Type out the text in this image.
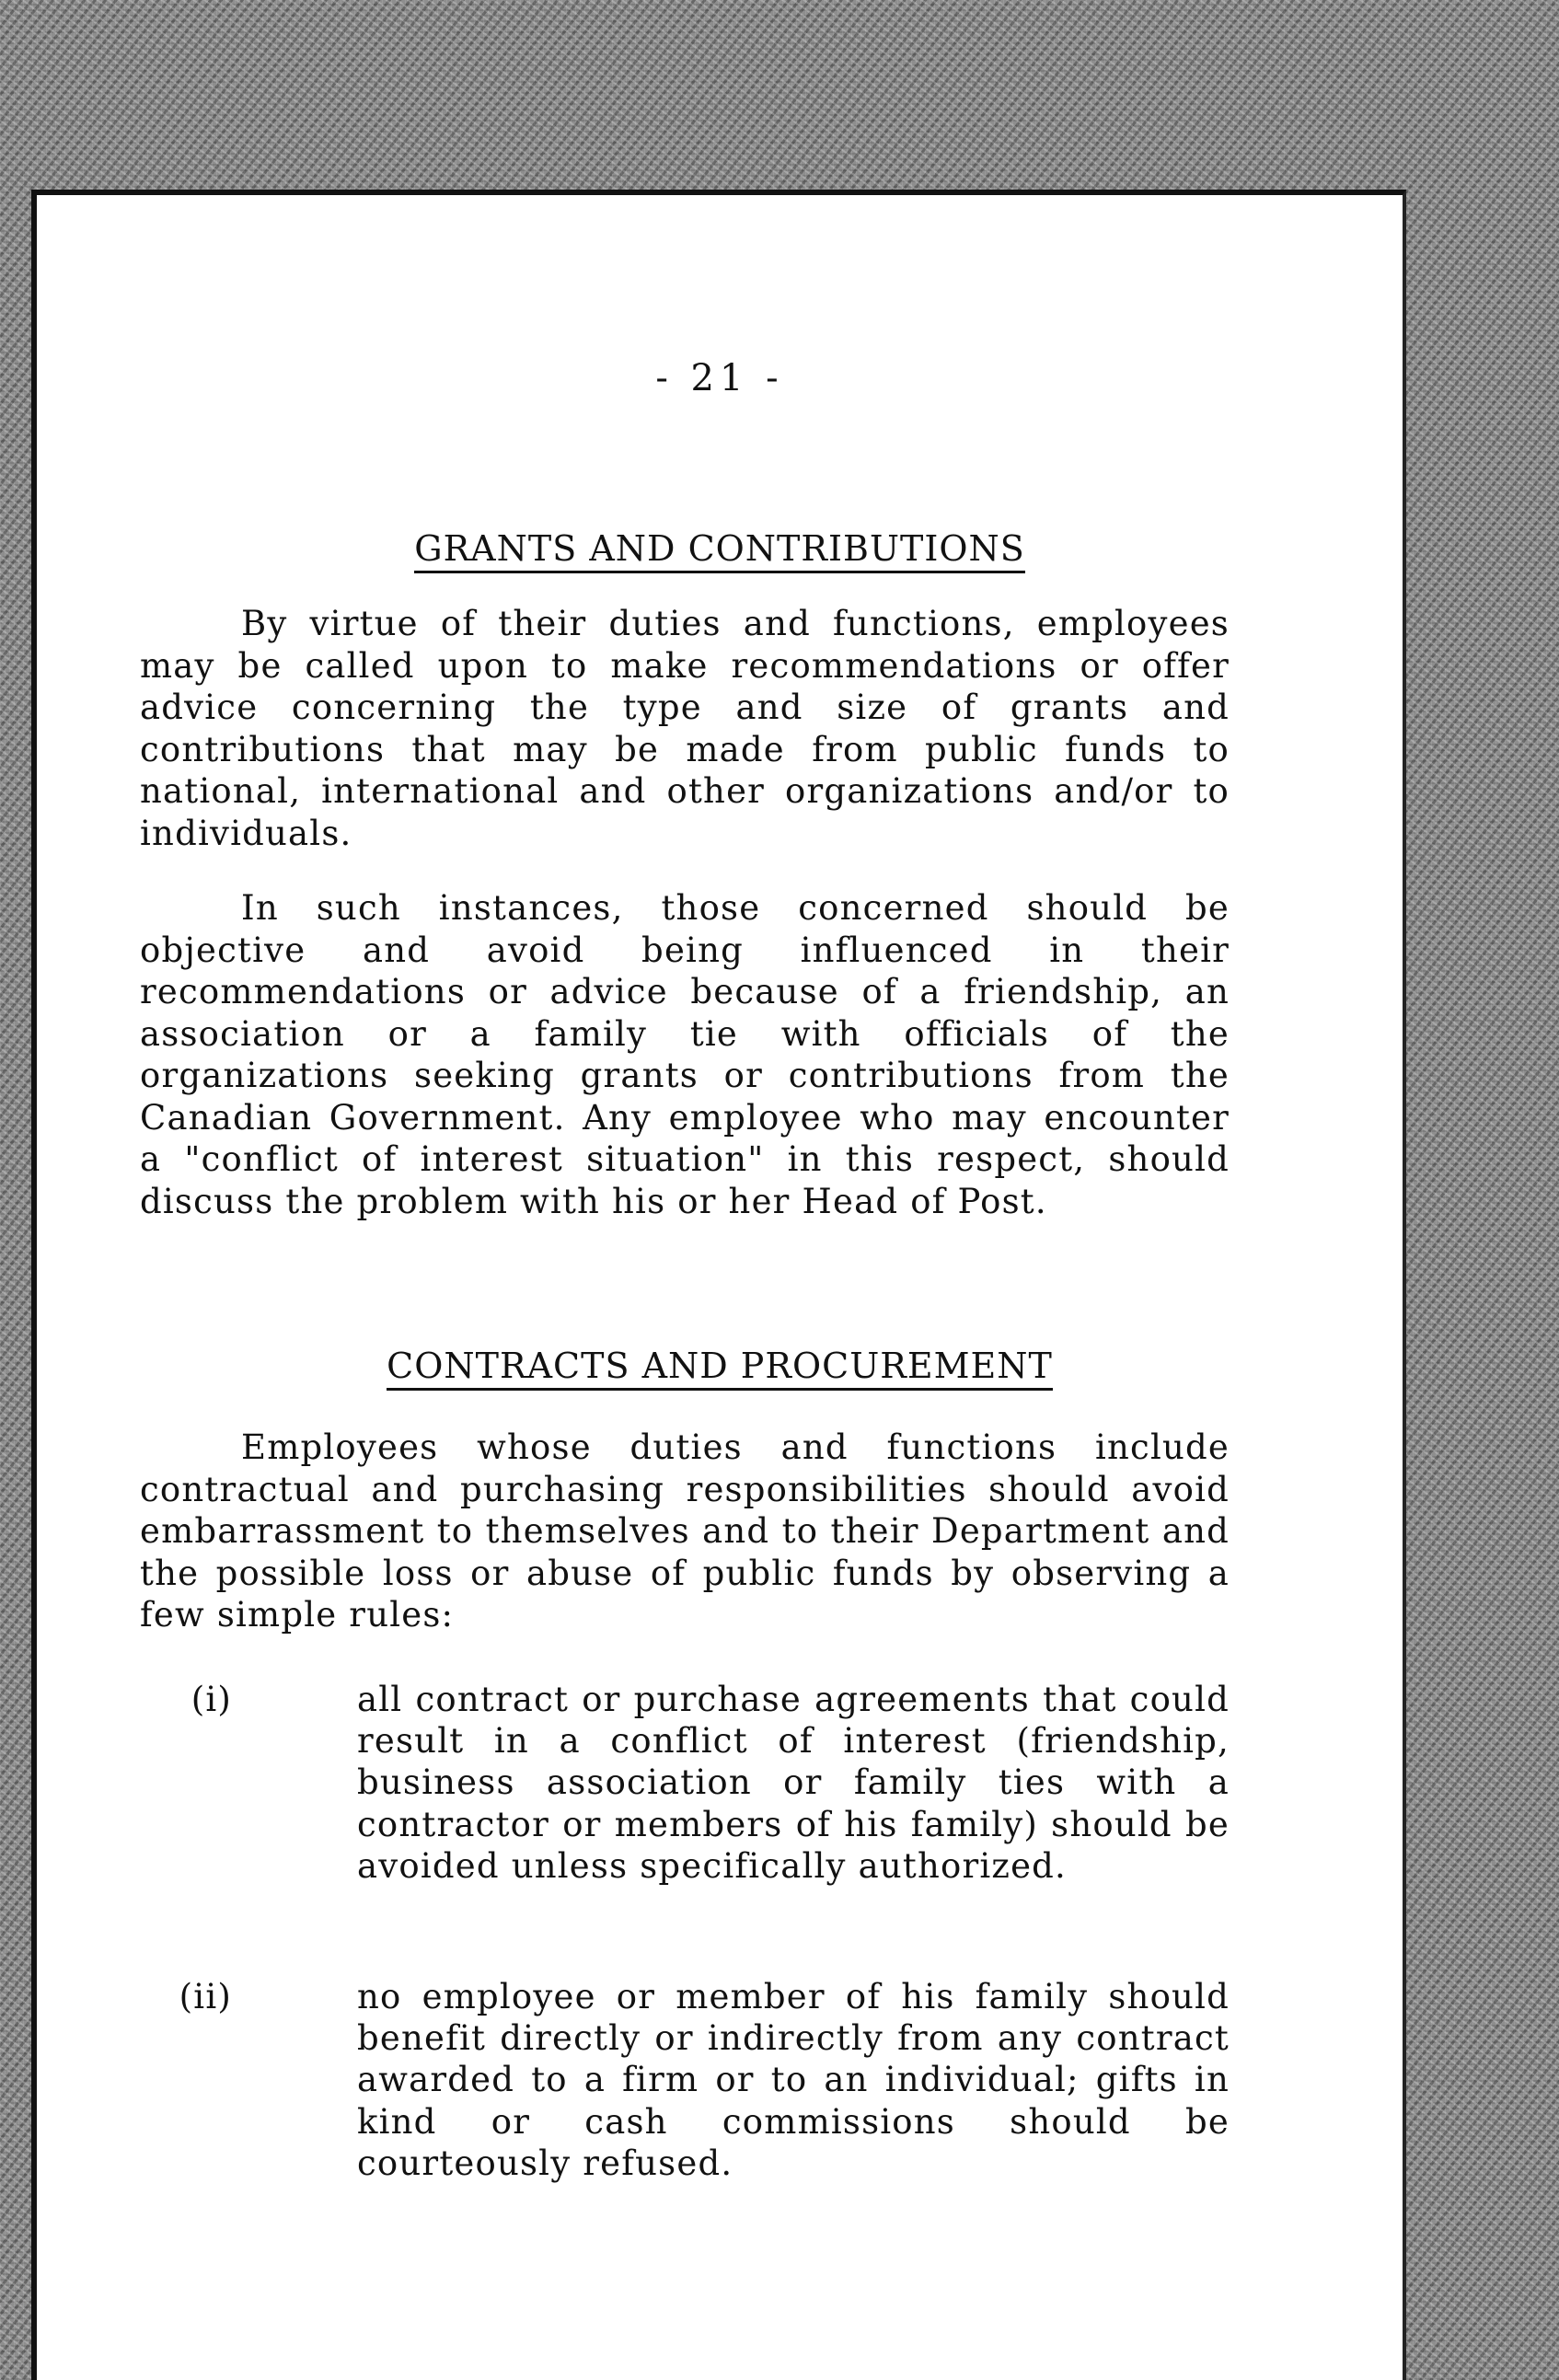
- 21 -
GRANTS AND CONTRIBUTIONS

By virtue of their duties and functions, employees may be called upon to make recommendations or offer advice concerning the type and size of grants and contributions that may be made from public funds to national, international and other organizations and/or to individuals.

In such instances, those concerned should be objective and avoid being influenced in their recommendations or advice because of a friendship, an association or a family tie with officials of the organizations seeking grants or contributions from the Canadian Government. Any employee who may encounter a "conflict of interest situation" in this respect, should discuss the problem with his or her Head of Post.

CONTRACTS AND PROCUREMENT

Employees whose duties and functions include contractual and purchasing responsibilities should avoid embarrassment to themselves and to their Department and the possible loss or abuse of public funds by observing a few simple rules:

(i)	all contract or purchase agreements that could result in a conflict of interest (friendship, business association or family ties with a contractor or members of his family) should be avoided unless specifically authorized.

(ii)	no employee or member of his family should benefit directly or indirectly from any contract awarded to a firm or to an individual; gifts in kind or cash commissions should be courteously refused.
